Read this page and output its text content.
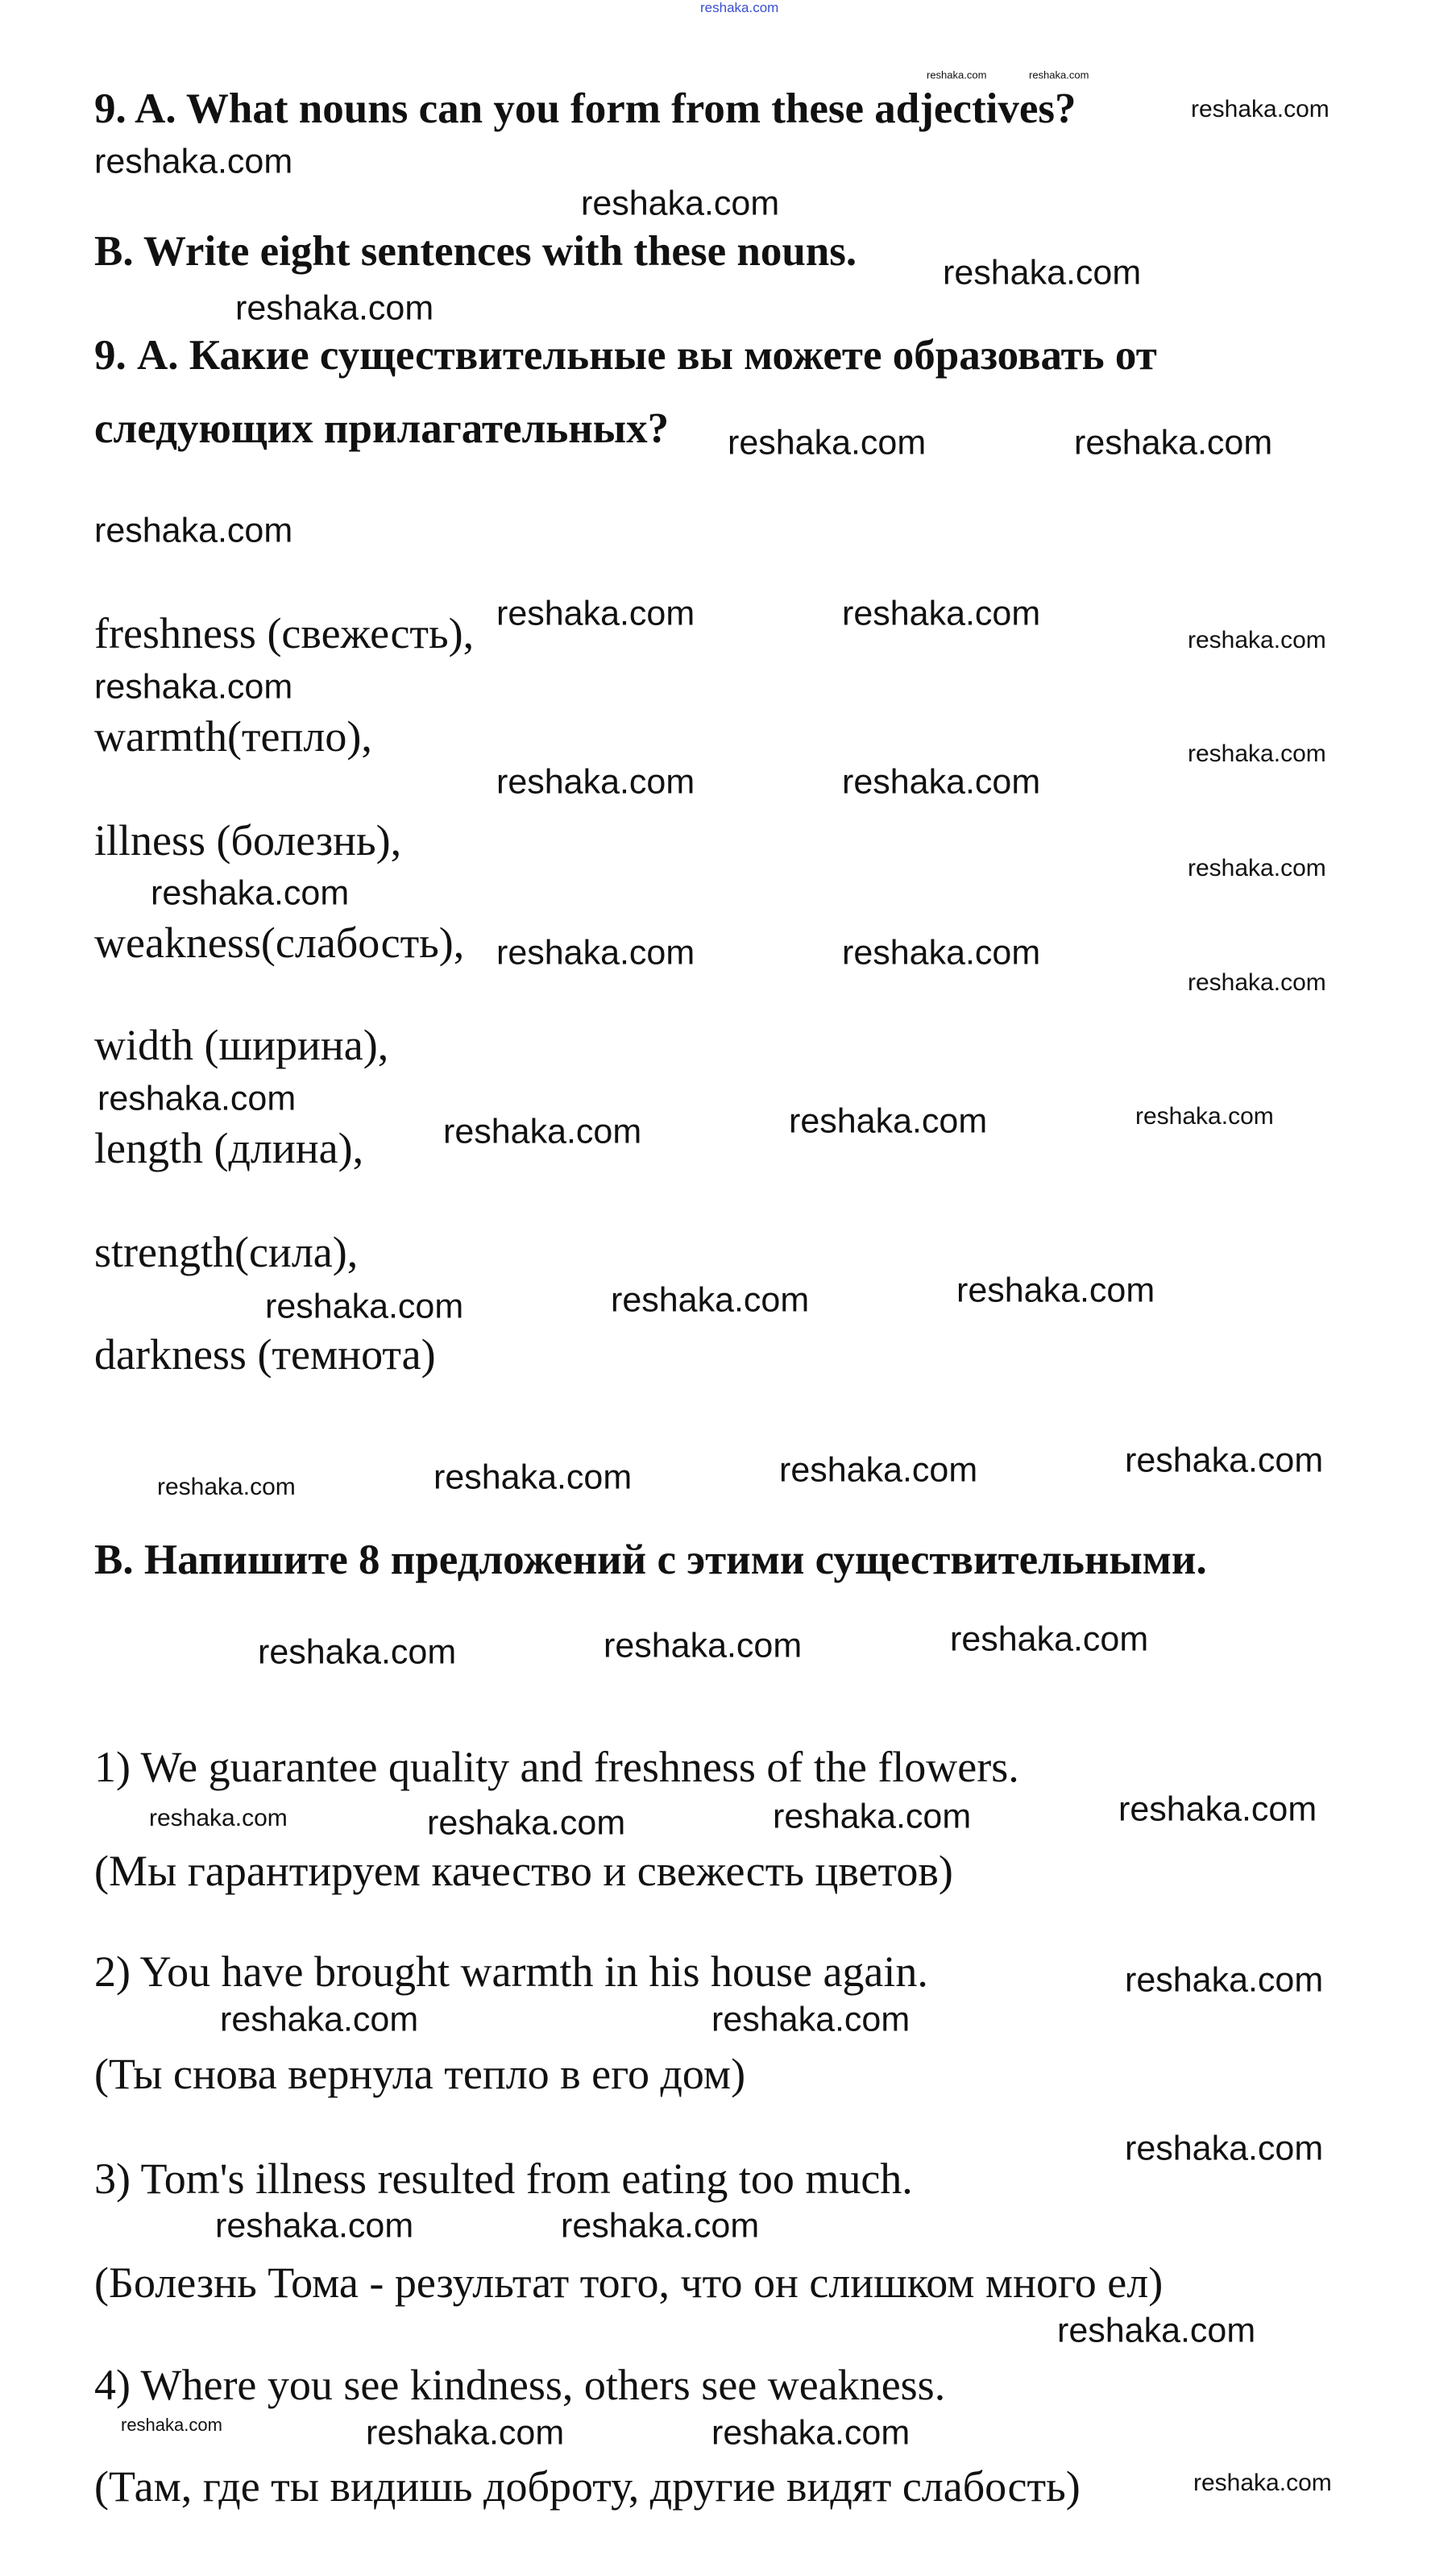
9. A. What nouns can you form from these adjectives?
B. Write eight sentences with these nouns.
9. А. Какие существительные вы можете образовать от
следующих прилагательных?
freshness (свежесть),
warmth(тепло),
illness (болезнь),
weakness(слабость),
width (ширина),
length (длина),
strength(сила),
darkness (темнота)
B. Напишите 8 предложений с этими существительными.
1) We guarantee quality and freshness of the flowers.
(Мы гарантируем качество и свежесть цветов)
2) You have brought warmth in his house again.
(Ты снова вернула тепло в его дом)
3) Tom's illness resulted from eating too much.
(Болезнь Тома - результат того, что он слишком много ел)
4) Where you see kindness, others see weakness.
(Там, где ты видишь доброту, другие видят слабость)
reshaka.com
reshaka.com	reshaka.com
reshaka.com
reshaka.com
reshaka.com
reshaka.com
reshaka.com
reshaka.com	reshaka.com
reshaka.com
reshaka.com	reshaka.com
reshaka.com
reshaka.com
reshaka.com	reshaka.com
reshaka.com
reshaka.com
reshaka.com
reshaka.com	reshaka.com
reshaka.com
reshaka.com
reshaka.com	reshaka.com	reshaka.com
reshaka.com	reshaka.com	reshaka.com
reshaka.com	reshaka.com	reshaka.com	reshaka.com
reshaka.com	reshaka.com	reshaka.com
reshaka.com	reshaka.com	reshaka.com	reshaka.com
reshaka.com
reshaka.com	reshaka.com
reshaka.com
reshaka.com	reshaka.com
reshaka.com
reshaka.com	reshaka.com	reshaka.com
reshaka.com
